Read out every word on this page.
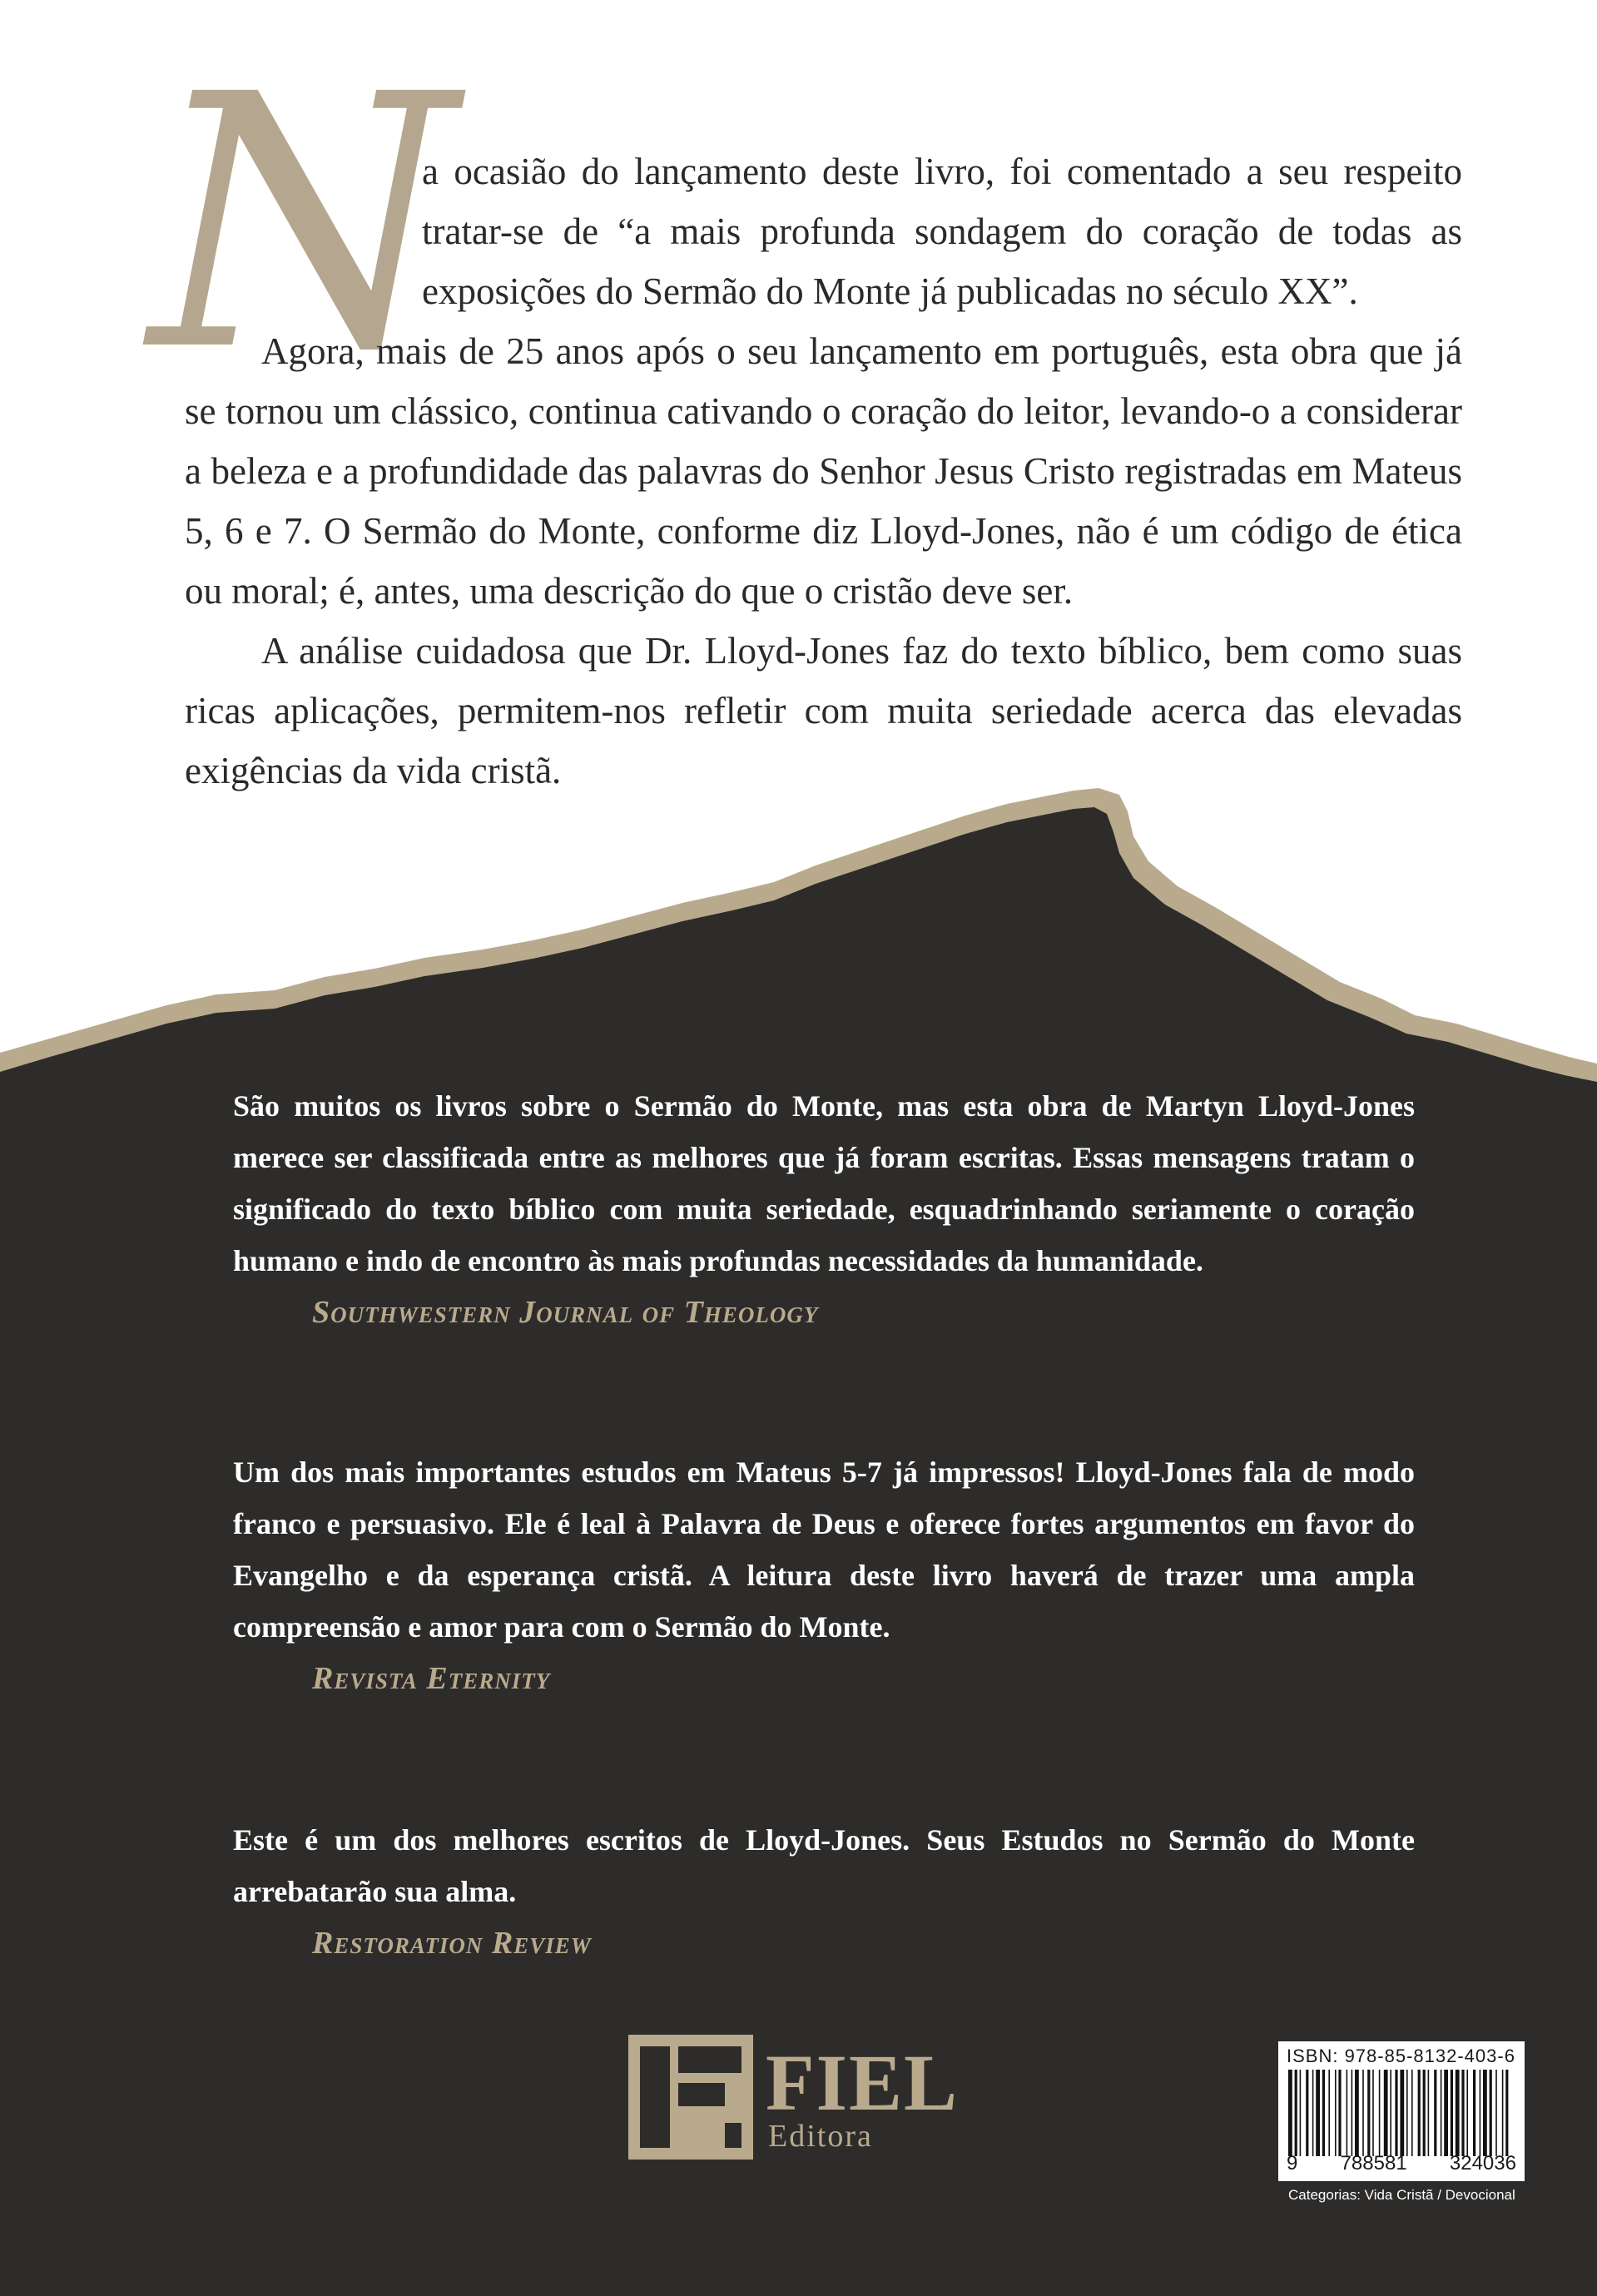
N

a ocasião do lançamento deste livro, foi comentado a seu respeito tratar-se de “a mais profunda sondagem do coração de todas as exposições do Sermão do Monte já publicadas no século XX”.

Agora, mais de 25 anos após o seu lançamento em português, esta obra que já se tornou um clássico, continua cativando o coração do leitor, levando-o a considerar a beleza e a profundidade das palavras do Senhor Jesus Cristo registradas em Mateus 5, 6 e 7. O Sermão do Monte, conforme diz Lloyd-Jones, não é um código de ética ou moral; é, antes, uma descrição do que o cristão deve ser.

A análise cuidadosa que Dr. Lloyd-Jones faz do texto bíblico, bem como suas ricas aplicações, permitem-nos refletir com muita seriedade acerca das elevadas exigências da vida cristã.

São muitos os livros sobre o Sermão do Monte, mas esta obra de Martyn Lloyd-Jones merece ser classificada entre as melhores que já foram escritas. Essas mensagens tratam o significado do texto bíblico com muita seriedade, esquadrinhando seriamente o coração humano e indo de encontro às mais profundas necessidades da humanidade.

Southwestern Journal of Theology

Um dos mais importantes estudos em Mateus 5-7 já impressos! Lloyd-Jones fala de modo franco e persuasivo. Ele é leal à Palavra de Deus e oferece fortes argumentos em favor do Evangelho e da esperança cristã. A leitura deste livro haverá de trazer uma ampla compreensão e amor para com o Sermão do Monte.

Revista Eternity

Este é um dos melhores escritos de Lloyd-Jones. Seus Estudos no Sermão do Monte arrebatarão sua alma.

Restoration Review
FIEL
Editora
ISBN: 978-85-8132-403-6
9 788581 324036
Categorias: Vida Cristã / Devocional
